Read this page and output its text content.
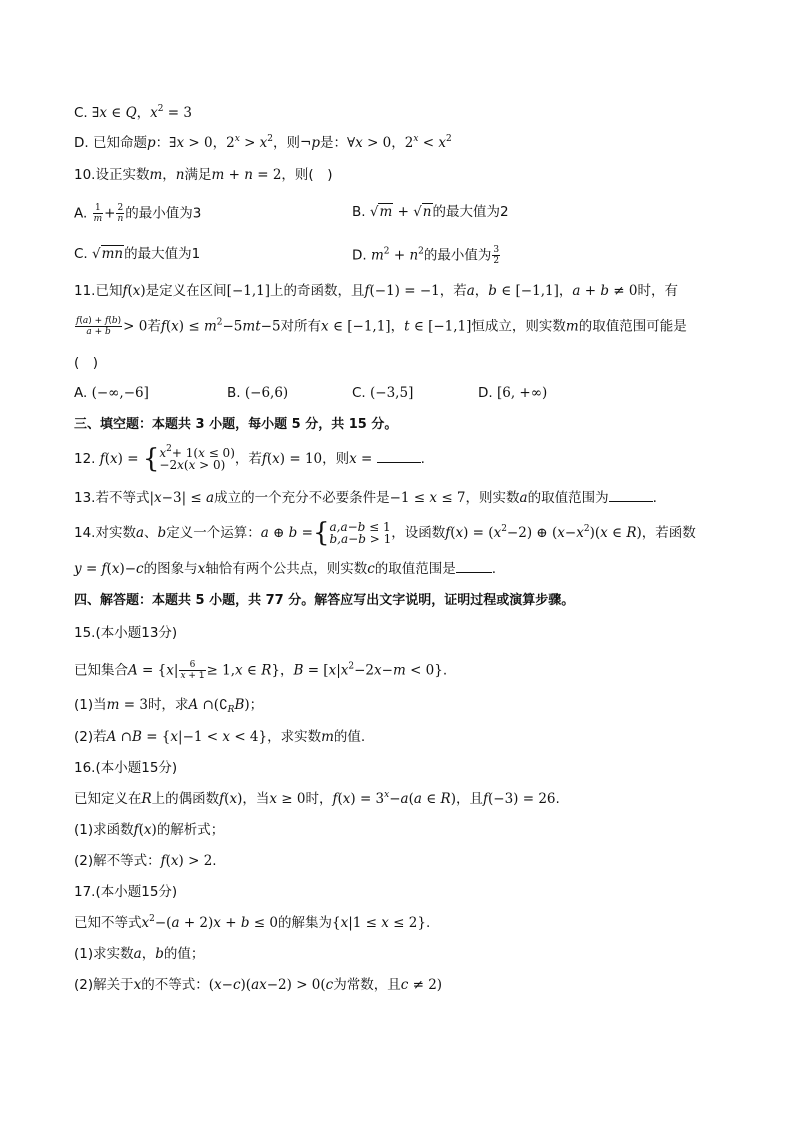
C. ∃x ∈ Q，$x^2 = 3$
D. 已知命题p：∃x > 0，$2^x > x^2$，则¬p是：∀x > 0，$2^x < x^2$
10.设正实数m，n满足m + n = 2，则(　)
A. $\frac{1}{m} + \frac{2}{n}$ 的最小值为3	B. √m + √n的最大值为2
C. √mn的最大值为1	D. $m^2 + n^2$的最小值为 $\frac{3}{2}$
11.已知f(x)是定义在区间[−1,1]上的奇函数，且f(−1) = −1，若a，b ∈ [−1,1]，a + b ≠ 0时，有
$\frac{f(a) + f(b)}{a + b} > 0$若$f(x) \le m^2-5mt-5$对所有x ∈ [−1,1]，t ∈ [−1,1]恒成立，则实数m的取值范围可能是
(　)
A. (−∞,−6]	B. (−6,6)	C. (−3,5]	D. [6, +∞)
三、填空题：本题共 3 小题，每小题 5 分，共 15 分。
12. $f(x) = \{x^2+ 1(x \le 0)$
−2x(x > 0) ，若f(x) = 10，则x =	.
13.若不等式|x−3| ≤ a成立的一个充分不必要条件是−1 ≤ x ≤ 7，则实数a的取值范围为	.
14.对实数a、b定义一个运算：a ⊕ b ={a,a−b ≤ 1
b,a−b > 1，设函数$f(x) = (x^2-2)$ ⊕ $(x-x^2)(x$ ∈ R)，若函数
y = f(x)−c的图象与x轴恰有两个公共点，则实数c的取值范围是	.
四、解答题：本题共 5 小题，共 77 分。解答应写出文字说明，证明过程或演算步骤。
15.(本小题13分)
已知集合$A = \{x| \frac{6}{x + 1} \ge 1,x$ ∈ R}，$B = [x|x^2-2x-m < 0\}$.
(1)当m = 3时，求A $\cap(∁_RB)$；
(2)若A ∩B = {x|−1 < x < 4}，求实数m的值.
16.(本小题15分)
已知定义在R上的偶函数f(x)，当x ≥ 0时，$f(x) = 3^x-a(a$ ∈ R)，且f(−3) = 26.
(1)求函数f(x)的解析式；
(2)解不等式：f(x) > 2.
17.(本小题15分)
已知不等式$x^2-(a + 2)x + b \le 0$的解集为{x|1 ≤ x ≤ 2}.
(1)求实数a，b的值；
(2)解关于x的不等式：(x−c)(ax−2) > 0(c为常数，且c ≠ 2)
